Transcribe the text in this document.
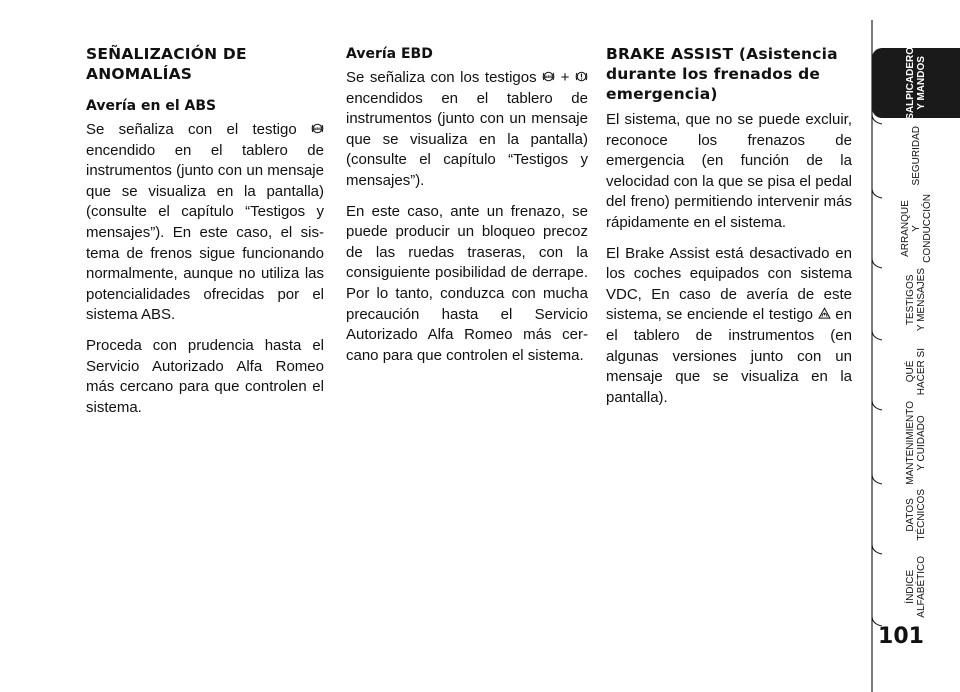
SEÑALIZACIÓN DE ANOMALÍAS
Avería en el ABS

Se señaliza con el testigo ABS
encendido en el tablero de instrumentos (junto con un mensaje que se visualiza en la pantalla) (consulte el capítulo “Testigos y mensajes”). En este caso, el sistema de frenos sigue funcionando normalmente, aunque no utiliza las potencialidades ofrecidas por el sistema ABS.

Proceda con prudencia hasta el Servicio Autorizado Alfa Romeo más cercano para que controlen el sistema.

Avería EBD

Se señaliza con los testigos ABS +
encendidos en el tablero de instrumentos (junto con un mensaje que se visualiza en la pantalla) (consulte el capítulo “Testigos y mensajes”).

En este caso, ante un frenazo, se puede producir un bloqueo precoz de las ruedas traseras, con la consiguiente posibilidad de derrape. Por lo tanto, conduzca con mucha precaución hasta el Servicio Autorizado Alfa Romeo más cercano para que controlen el sistema.

BRAKE ASSIST (Asistencia durante los frenados de emergencia)

El sistema, que no se puede excluir, reconoce los frenazos de emergencia (en función de la velocidad con la que se pisa el pedal del freno) permitiendo intervenir más rápidamente en el sistema.

El Brake Assist está desactivado en los coches equipados con sistema VDC, En caso de avería de este sistema, se enciende el testigo
en el tablero de instrumentos (en algunas versiones junto con un mensaje que se visualiza en la pantalla).

SALPICADERO
Y MANDOS
SEGURIDAD
ARRANQUE
Y CONDUCCIÓN
TESTIGOS
Y MENSAJES
QUÉ
HACER SI
MANTENIMIENTO
Y CUIDADO
DATOS
TÉCNICOS
ÍNDICE
ALFABÉTICO
101
